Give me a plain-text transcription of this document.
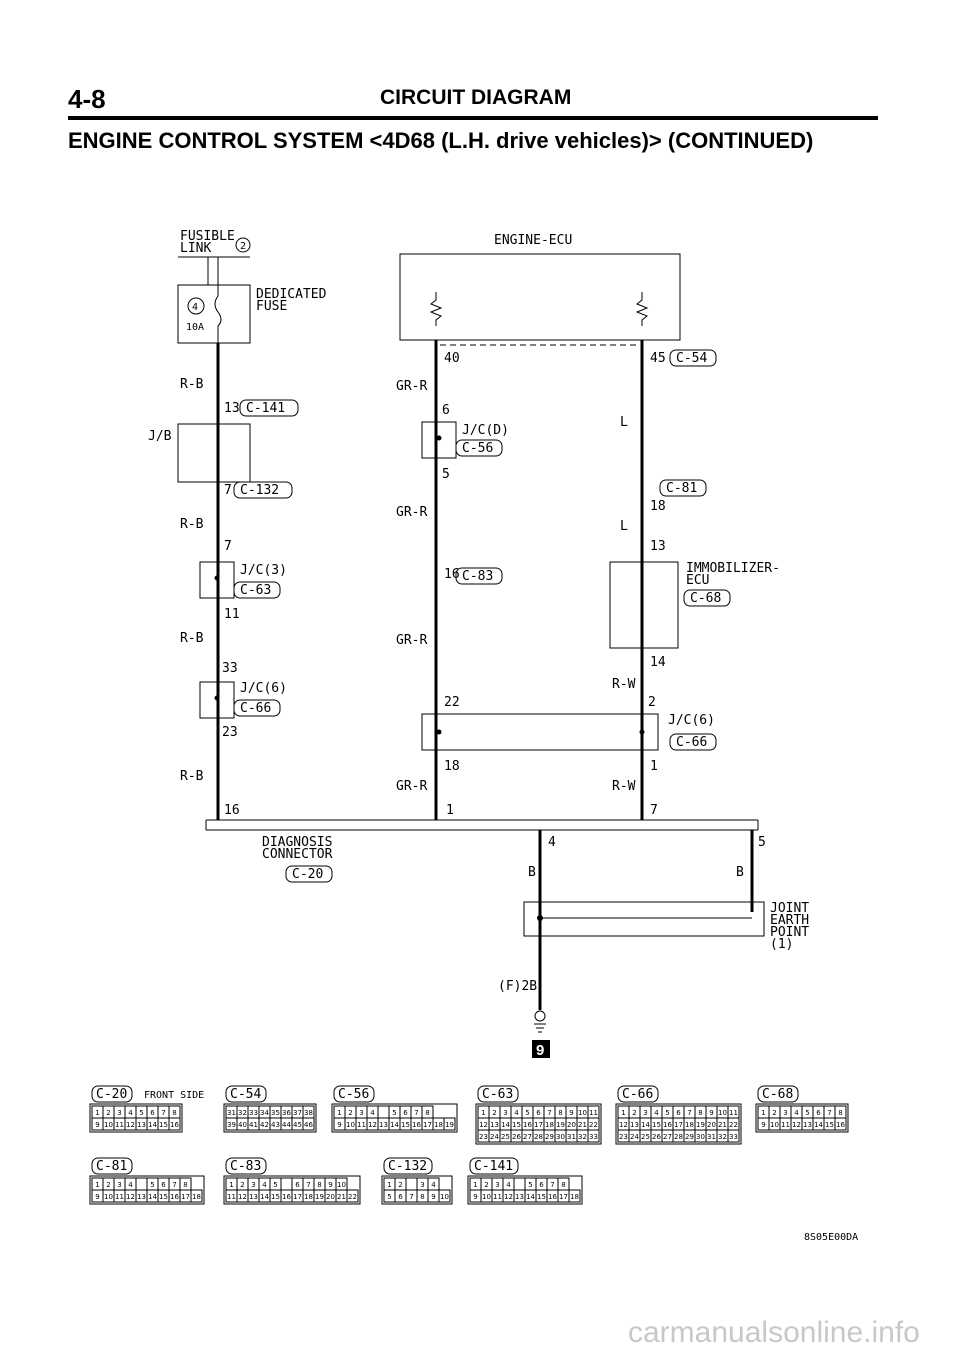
4-8	CIRCUIT DIAGRAM
ENGINE CONTROL SYSTEM <4D68 (L.H. drive vehicles)> (CONTINUED)
FUSIBLE LINK	2
4
10A
DEDICATED FUSE
R-B
13 C-141
J/B
7 C-132
R-B
7
J/C(3)
C-63
11
R-B
33
J/C(6)
C-66
23
R-B
16
ENGINE-ECU
40
GR-R
6
J/C(D)
C-56
5
GR-R
16 C-83
GR-R
22
45 C-54
L
C-81
18
L
13
IMMOBILIZER-ECU
C-68
14
R-W
2
J/C(6)
C-66
18	1
GR-R	R-W
1	7
DIAGNOSIS CONNECTOR
C-20
4	5
B	B
JOINT EARTH POINT (1)
(F)2B
9
FRONT SIDE
C-20
1 2 3 4 5 6 7 8
9 10 11 12 13 14 15 16
C-54
31 32 33 34 35 36 37 38
39 40 41 42 43 44 45 46
C-56
1 2 3 4	5 6 7 8
9 10 11 12 13 14 15 16 17 18 19
C-63
1 2 3 4 5 6 7 8 9 10 11
12 13 14 15 16 17 18 19 20 21 22
23 24 25 26 27 28 29 30 31 32 33
C-66
1 2 3 4 5 6 7 8 9 10 11
12 13 14 15 16 17 18 19 20 21 22
23 24 25 26 27 28 29 30 31 32 33
C-68
1 2 3 4 5 6 7 8
9 10 11 12 13 14 15 16
C-81
1 2 3 4	5 6 7 8
9 10 11 12 13 14 15 16 17 18
C-83
1 2 3 4 5	6 7 8 9 10
11 12 13 14 15 16 17 18 19 20 21 22
C-132
1 2	3 4
5 6 7 8 9 10
C-141
1 2 3 4	5 6 7 8
9 10 11 12 13 14 15 16 17 18
8S05E00DA
carmanualsonline.info
